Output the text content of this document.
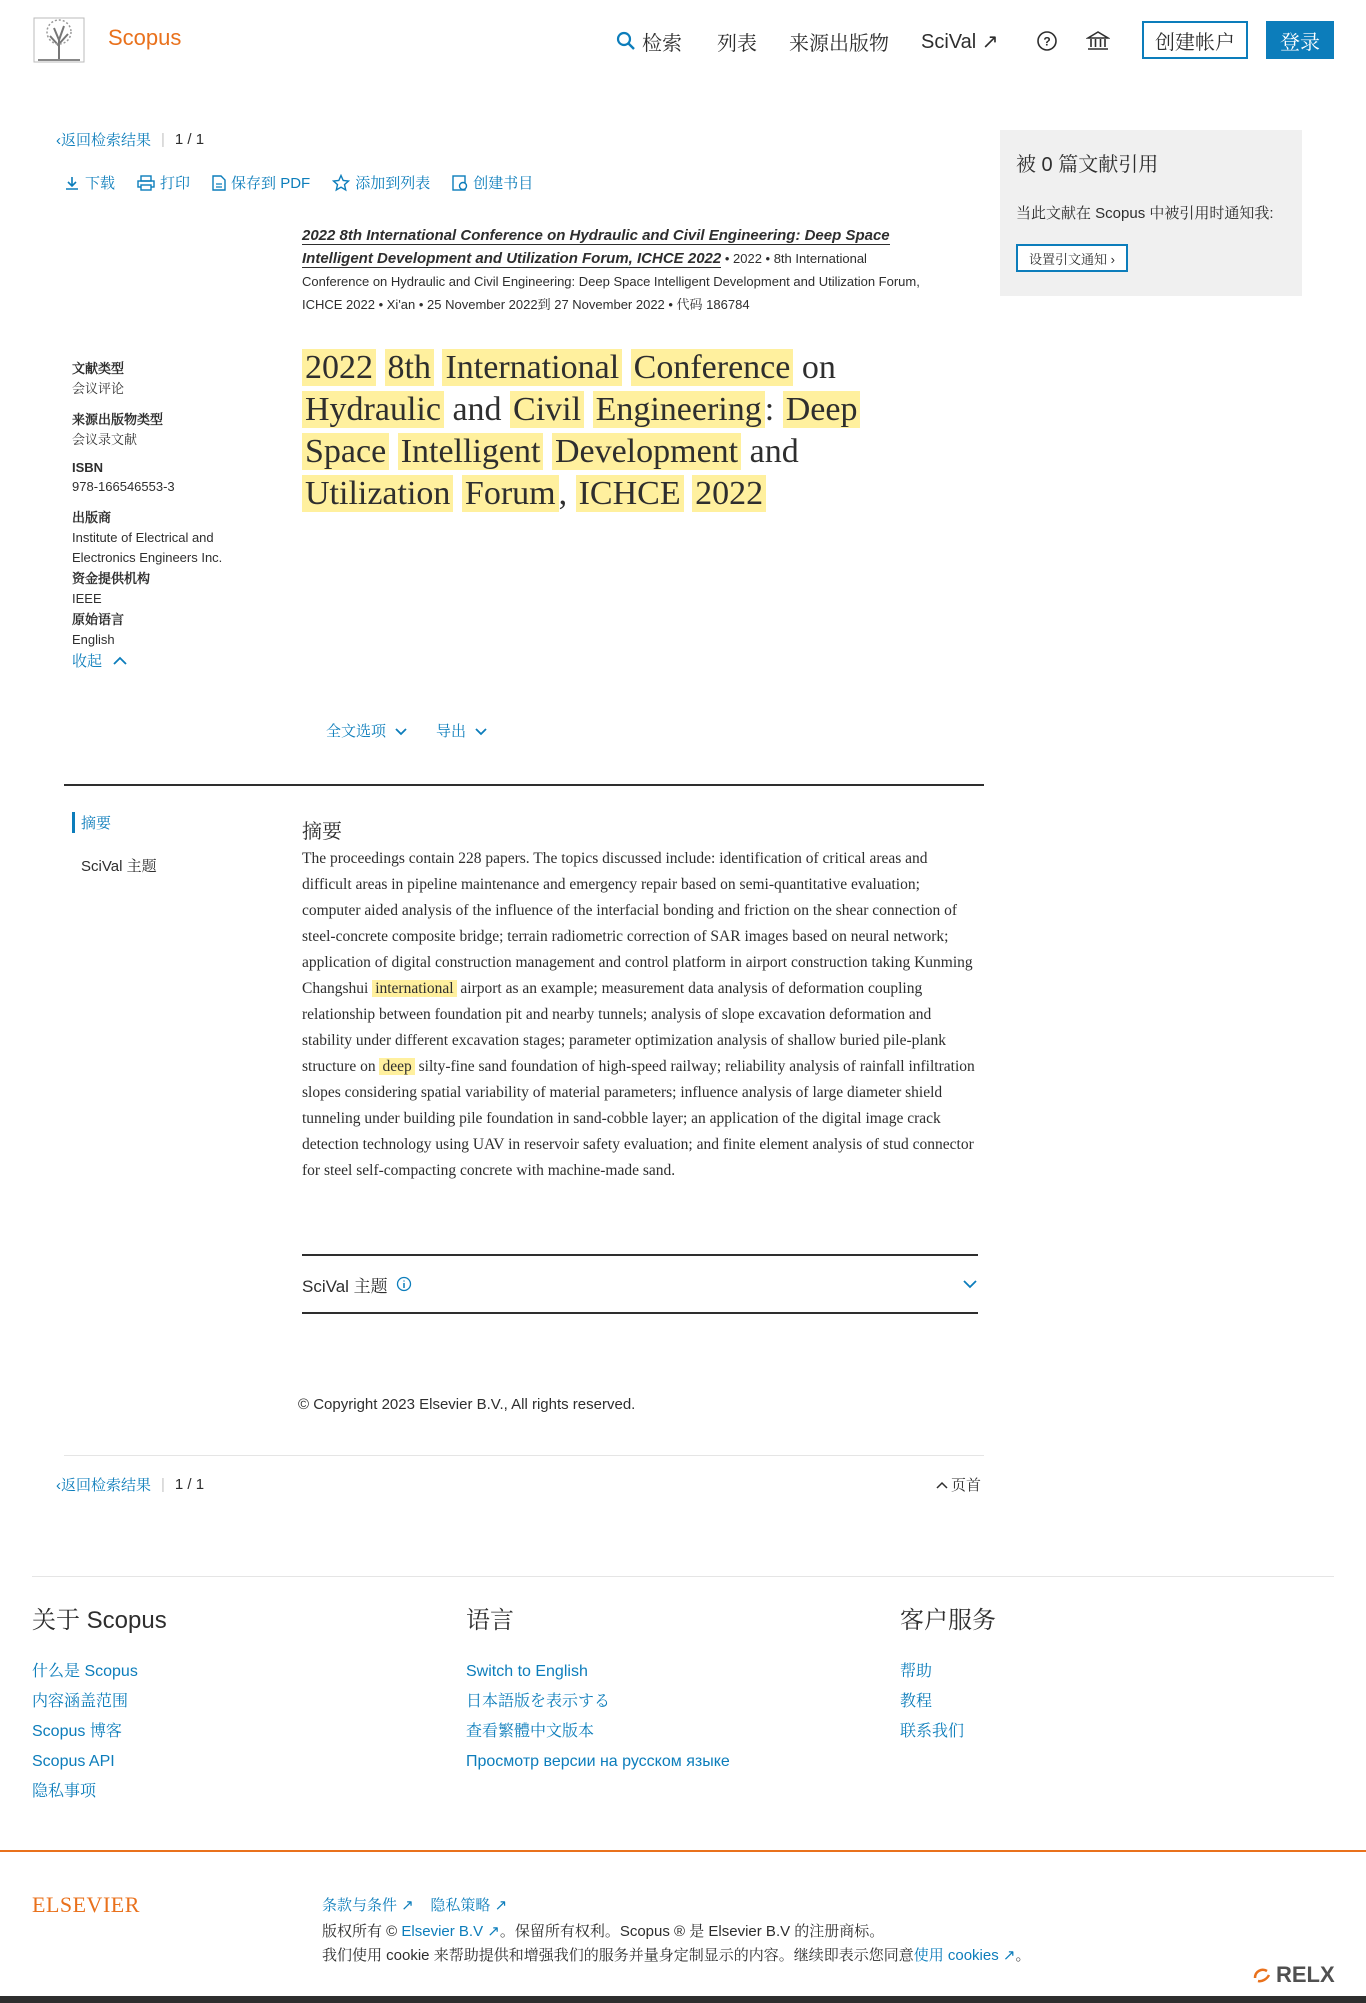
Scopus	检索 列表 来源出版物 SciVal ↗	?	创建帐户	登录
‹返回检索结果 | 1 / 1
下载	打印	保存到 PDF	添加到列表	创建书目
2022 8th International Conference on Hydraulic and Civil Engineering: Deep Space
Intelligent Development and Utilization Forum, ICHCE 2022 • 2022 • 8th International
Conference on Hydraulic and Civil Engineering: Deep Space Intelligent Development and Utilization Forum,
ICHCE 2022 • Xi'an • 25 November 2022到 27 November 2022 • 代码 186784
文献类型
会议评论
来源出版物类型
会议录文献
ISBN
978-166546553-3
出版商
Institute of Electrical and Electronics Engineers Inc.
资金提供机构
IEEE
原始语言
English
收起
2022 8th International Conference on Hydraulic and Civil Engineering: Deep Space Intelligent Development and Utilization Forum, ICHCE 2022
被 0 篇文献引用
当此文献在 Scopus 中被引用时通知我:
设置引文通知 ›
全文选项	导出
摘要
SciVal 主题
摘要
The proceedings contain 228 papers. The topics discussed include: identification of critical areas and difficult areas in pipeline maintenance and emergency repair based on semi-quantitative evaluation; computer aided analysis of the influence of the interfacial bonding and friction on the shear connection of steel-concrete composite bridge; terrain radiometric correction of SAR images based on neural network; application of digital construction management and control platform in airport construction taking Kunming Changshui international airport as an example; measurement data analysis of deformation coupling relationship between foundation pit and nearby tunnels; analysis of slope excavation deformation and stability under different excavation stages; parameter optimization analysis of shallow buried pile-plank structure on deep silty-fine sand foundation of high-speed railway; reliability analysis of rainfall infiltration slopes considering spatial variability of material parameters; influence analysis of large diameter shield tunneling under building pile foundation in sand-cobble layer; an application of the digital image crack detection technology using UAV in reservoir safety evaluation; and finite element analysis of stud connector for steel self-compacting concrete with machine-made sand.
SciVal 主题
© Copyright 2023 Elsevier B.V., All rights reserved.
‹返回检索结果 | 1 / 1	页首
关于 Scopus
什么是 Scopus
内容涵盖范围
Scopus 博客
Scopus API
隐私事项
语言
Switch to English
日本語版を表示する
查看繁體中文版本
Просмотр версии на русском языке
客户服务
帮助
教程
联系我们
ELSEVIER	条款与条件 ↗ 隐私策略 ↗
版权所有 © Elsevier B.V ↗。保留所有权利。Scopus ® 是 Elsevier B.V 的注册商标。
我们使用 cookie 来帮助提供和增强我们的服务并量身定制显示的内容。继续即表示您同意使用 cookies ↗。
RELX
